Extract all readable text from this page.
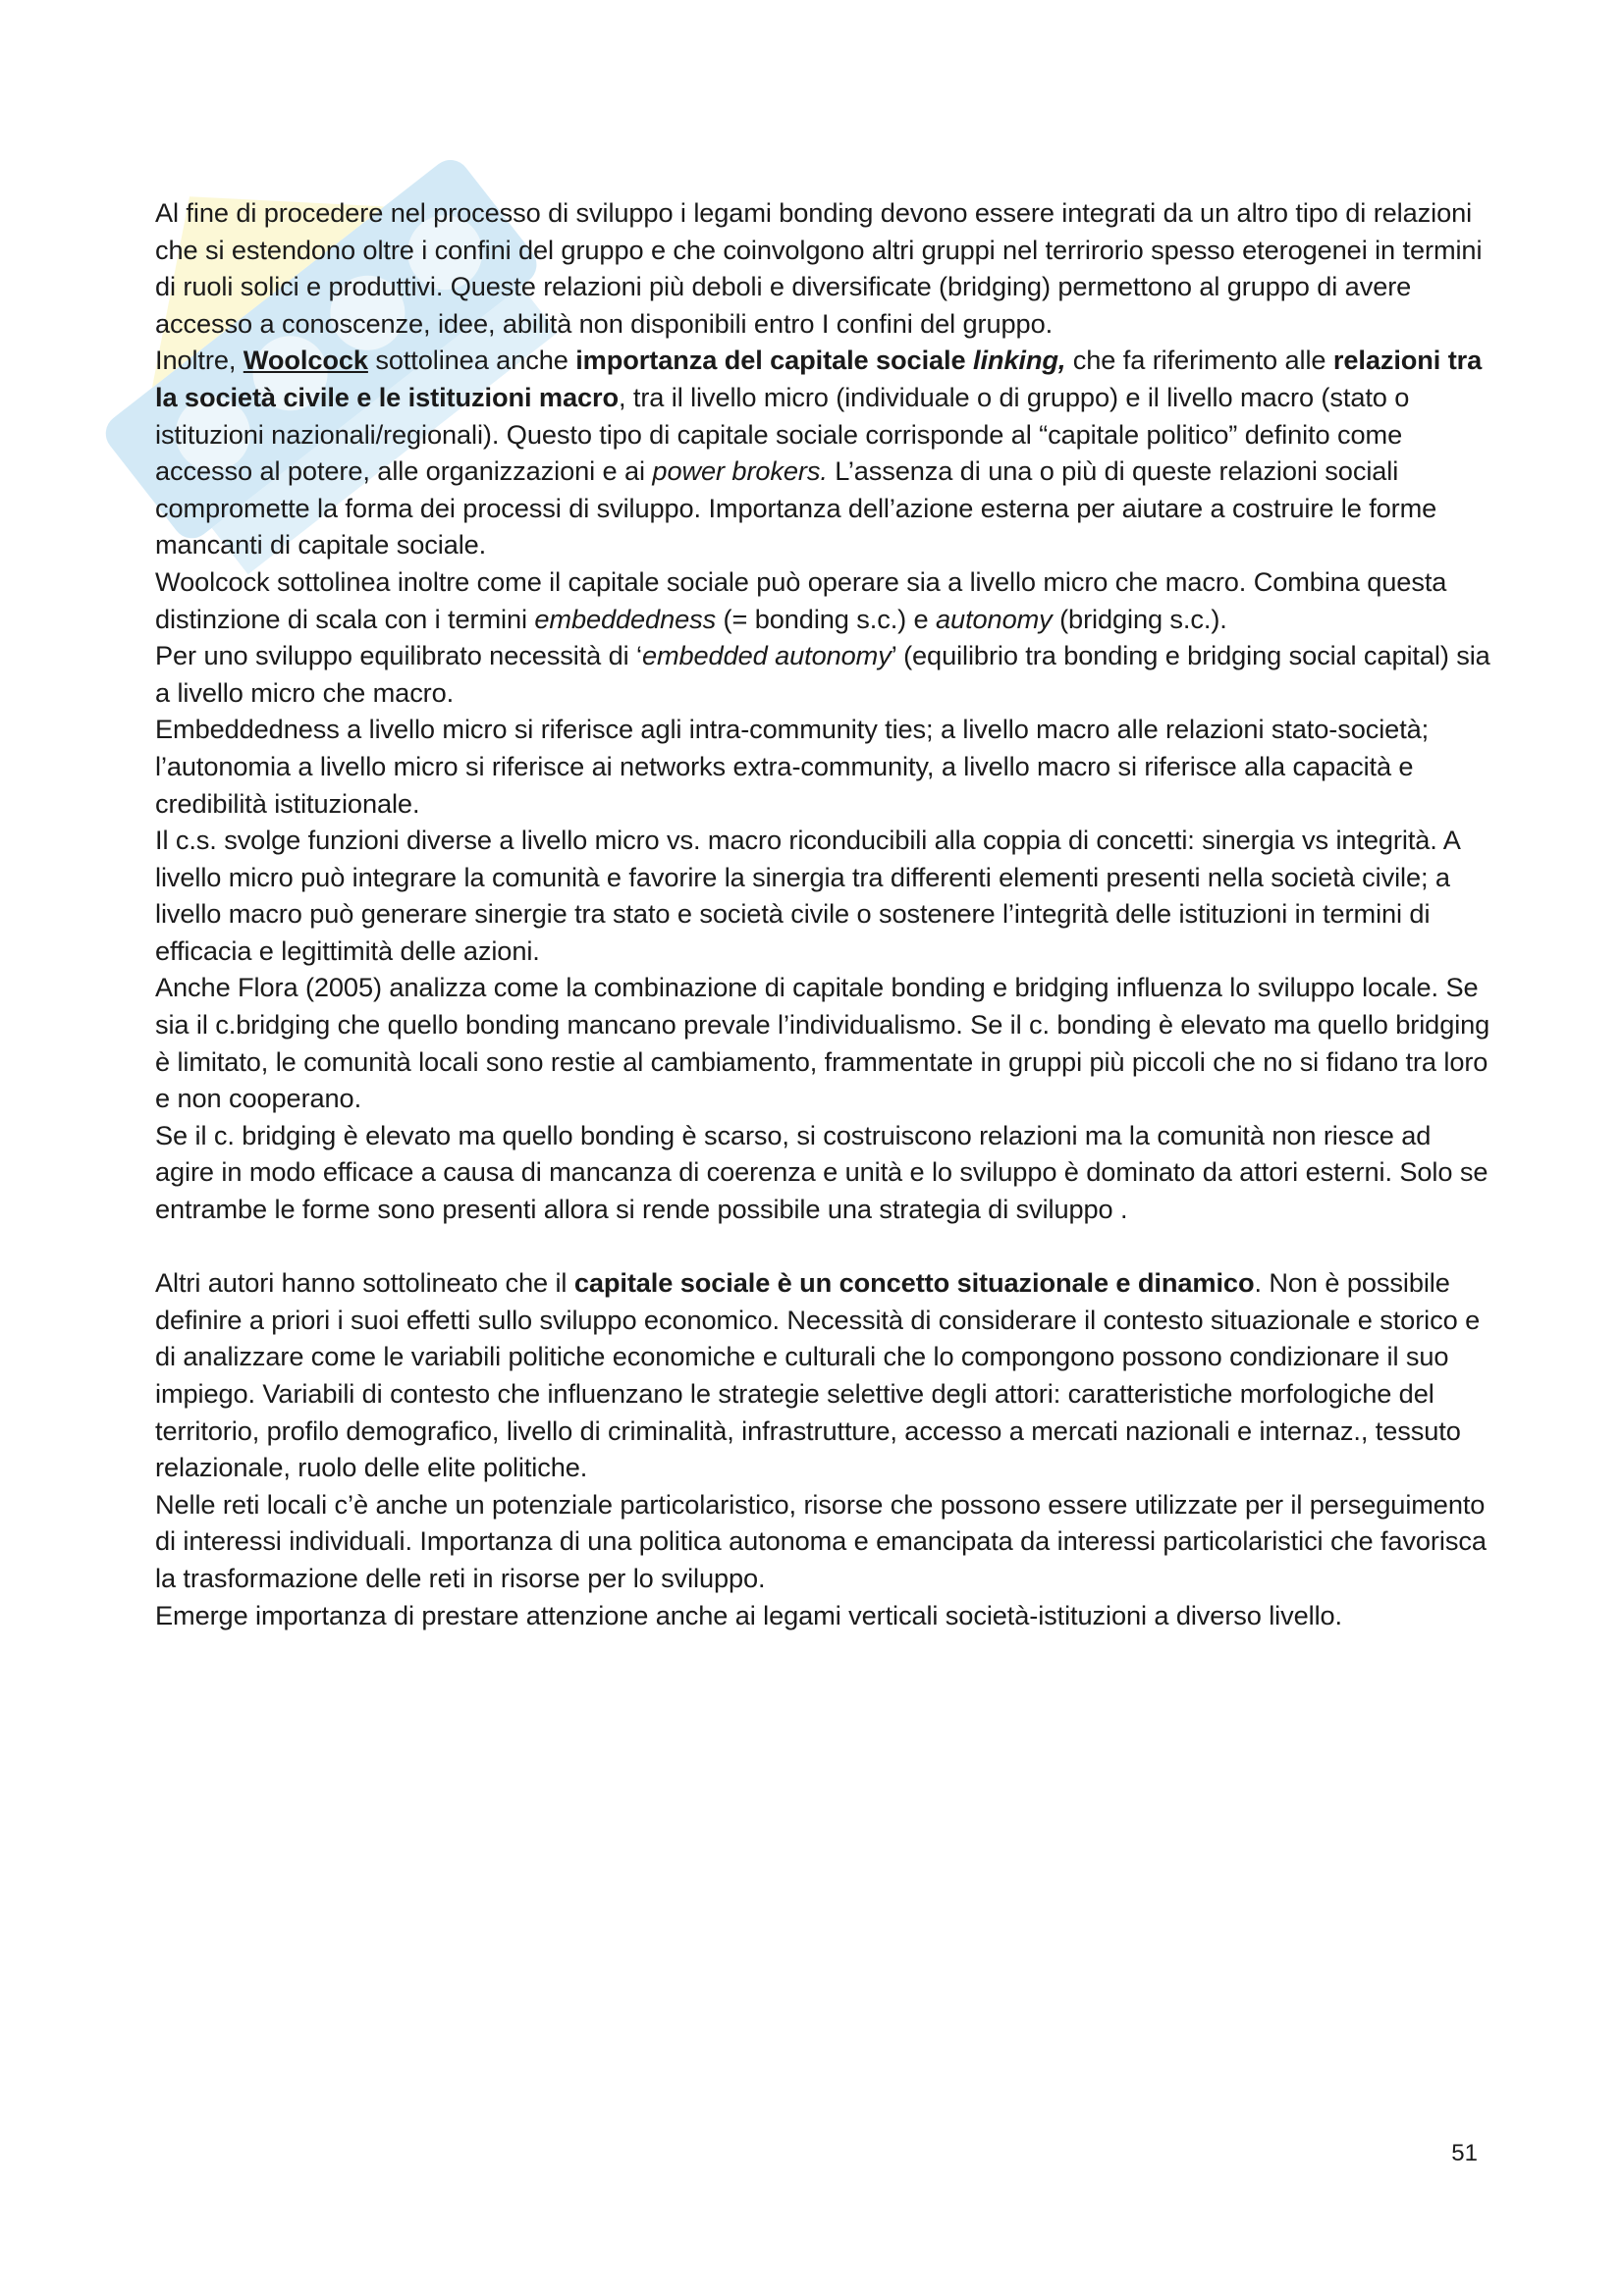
Al fine di procedere nel processo di sviluppo i legami bonding devono essere integrati da un altro tipo di relazioni che si estendono oltre i confini del gruppo e che coinvolgono altri gruppi nel terrirorio spesso eterogenei in termini di ruoli solici e produttivi. Queste relazioni più deboli e diversificate (bridging) permettono al gruppo di avere accesso a conoscenze, idee, abilità non disponibili entro I confini del gruppo.

Inoltre, Woolcock sottolinea anche importanza del capitale sociale linking, che fa riferimento alle relazioni tra la società civile e le istituzioni macro, tra il livello micro (individuale o di gruppo) e il livello macro (stato o istituzioni nazionali/regionali). Questo tipo di capitale sociale corrisponde al “capitale politico” definito come accesso al potere, alle organizzazioni e ai power brokers. L’assenza di una o più di queste relazioni sociali compromette la forma dei processi di sviluppo. Importanza dell’azione esterna per aiutare a costruire le forme mancanti di capitale sociale.

Woolcock sottolinea inoltre come il capitale sociale può operare sia a livello micro che macro. Combina questa distinzione di scala con i termini embeddedness (= bonding s.c.) e autonomy (bridging s.c.).

Per uno sviluppo equilibrato necessità di ‘embedded autonomy’ (equilibrio tra bonding e bridging social capital) sia a livello micro che macro.

Embeddedness a livello micro si riferisce agli intra-community ties; a livello macro alle relazioni stato-società; l’autonomia a livello micro si riferisce ai networks extra-community, a livello macro si riferisce alla capacità e credibilità istituzionale.

Il c.s. svolge funzioni diverse a livello micro vs. macro riconducibili alla coppia di concetti: sinergia vs integrità. A livello micro può integrare la comunità e favorire la sinergia tra differenti elementi presenti nella società civile; a livello macro può generare sinergie tra stato e società civile o sostenere l’integrità delle istituzioni in termini di efficacia e legittimità delle azioni.

Anche Flora (2005) analizza come la combinazione di capitale bonding e bridging influenza lo sviluppo locale. Se sia il c.bridging che quello bonding mancano prevale l’individualismo. Se il c. bonding è elevato ma quello bridging è limitato, le comunità locali sono restie al cambiamento, frammentate in gruppi più piccoli che no si fidano tra loro e non cooperano.

Se il c. bridging è elevato ma quello bonding è scarso, si costruiscono relazioni ma la comunità non riesce ad agire in modo efficace a causa di mancanza di coerenza e unità e lo sviluppo è dominato da attori esterni. Solo se entrambe le forme sono presenti allora si rende possibile una strategia di sviluppo .

Altri autori hanno sottolineato che il capitale sociale è un concetto situazionale e dinamico. Non è possibile definire a priori i suoi effetti sullo sviluppo economico. Necessità di considerare il contesto situazionale e storico e di analizzare come le variabili politiche economiche e culturali che lo compongono possono condizionare il suo impiego. Variabili di contesto che influenzano le strategie selettive degli attori: caratteristiche morfologiche del territorio, profilo demografico, livello di criminalità, infrastrutture, accesso a mercati nazionali e internaz., tessuto relazionale, ruolo delle elite politiche.

Nelle reti locali c’è anche un potenziale particolaristico, risorse che possono essere utilizzate per il perseguimento di interessi individuali. Importanza di una politica autonoma e emancipata da interessi particolaristici che favorisca la trasformazione delle reti in risorse per lo sviluppo.

Emerge importanza di prestare attenzione anche ai legami verticali società-istituzioni a diverso livello.

51
